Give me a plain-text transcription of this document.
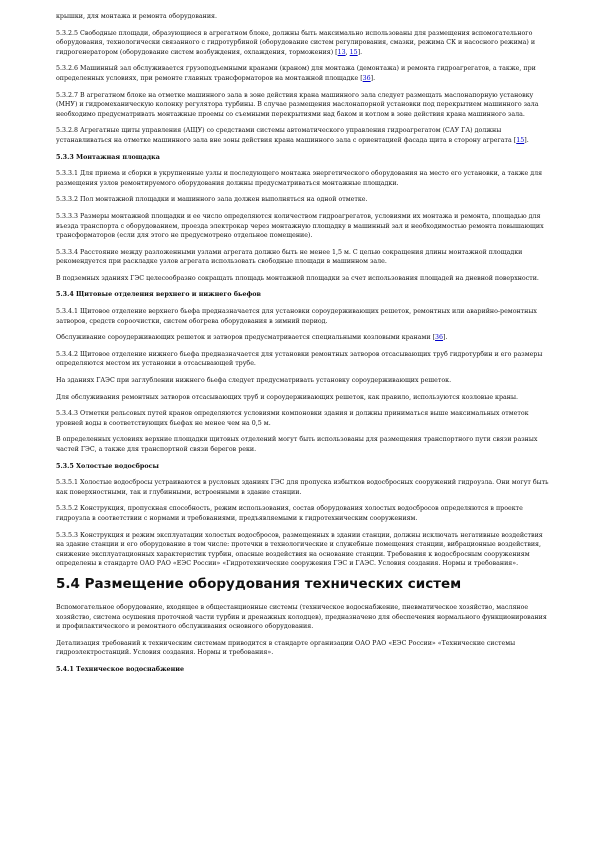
крышки, для монтажа и ремонта оборудования.

5.3.2.5 Свободные площади, образующиеся в агрегатном блоке, должны быть максимально использованы для размещения вспомогательного оборудования, технологически связанного с гидротурбиной (оборудование систем регулирования, смазки, режима СК и насосного режима) и гидрогенератором (оборудование систем возбуждения, охлаждения, торможения) [13, 15].

5.3.2.6 Машинный зал обслуживается грузоподъемными кранами (краном) для монтажа (демонтажа) и ремонта гидроагрегатов, а также, при определенных условиях, при ремонте главных трансформаторов на монтажной площадке [36].

5.3.2.7 В агрегатном блоке на отметке машинного зала в зоне действия крана машинного зала следует размещать маслонапорную установку (МНУ) и гидромеханическую колонку регулятора турбины. В случае размещения маслонапорной установки под перекрытием машинного зала необходимо предусматривать монтажные проемы со съемными перекрытиями над баком и котлом в зоне действия крана машинного зала.

5.3.2.8 Агрегатные щиты управления (АЩУ) со средствами системы автоматического управления гидроагрегатом (САУ ГА) должны устанавливаться на отметке машинного зала вне зоны действия крана машинного зала с ориентацией фасада щита в сторону агрегата [15].

5.3.3 Монтажная площадка

5.3.3.1 Для приема и сборки в укрупненные узлы и последующего монтажа энергетического оборудования на место его установки, а также для размещения узлов ремонтируемого оборудования должны предусматриваться монтажные площадки.

5.3.3.2 Пол монтажной площадки и машинного зала должен выполняться на одной отметке.

5.3.3.3 Размеры монтажной площадки и ее число определяются количеством гидроагрегатов, условиями их монтажа и ремонта, площадью для въезда транспорта с оборудованием, проезда электрокар через монтажную площадку в машинный зал и необходимостью ремонта повышающих трансформаторов (если для этого не предусмотрено отдельное помещение).

5.3.3.4 Расстояние между разложенными узлами агрегата должно быть не менее 1,5 м. С целью сокращения длины монтажной площадки рекомендуется при раскладке узлов агрегата использовать свободные площади в машинном зале.

В подземных зданиях ГЭС целесообразно сокращать площадь монтажной площадки за счет использования площадей на дневной поверхности.

5.3.4 Щитовые отделения верхнего и нижнего бьефов

5.3.4.1 Щитовое отделение верхнего бьефа предназначается для установки сороудерживающих решеток, ремонтных или аварийно-ремонтных затворов, средств сороочистки, систем обогрева оборудования в зимний период.

Обслуживание сороудерживающих решеток и затворов предусматривается специальными козловыми кранами [36].

5.3.4.2 Щитовое отделение нижнего бьефа предназначается для установки ремонтных затворов отсасывающих труб гидротурбин и его размеры определяются местом их установки в отсасывающей трубе.

На зданиях ГАЭС при заглублении нижнего бьефа следует предусматривать установку сороудерживающих решеток.

Для обслуживания ремонтных затворов отсасывающих труб и сороудерживающих решеток, как правило, используются козловые краны.

5.3.4.3 Отметки рельсовых путей кранов определяются условиями компоновки здания и должны приниматься выше максимальных отметок уровней воды в соответствующих бьефах не менее чем на 0,5 м.

В определенных условиях верхние площадки щитовых отделений могут быть использованы для размещения транспортного пути связи разных частей ГЭС, а также для транспортной связи берегов реки.

5.3.5 Холостые водосбросы

5.3.5.1 Холостые водосбросы устраиваются в русловых зданиях ГЭС для пропуска избытков водосбросных сооружений гидроузла. Они могут быть как поверхностными, так и глубинными, встроенными в здание станции.

5.3.5.2 Конструкция, пропускная способность, режим использования, состав оборудования холостых водосбросов определяются в проекте гидроузла в соответствии с нормами и требованиями, предъявляемыми к гидротехническим сооружениям.

5.3.5.3 Конструкция и режим эксплуатации холостых водосбросов, размещенных в здании станции, должны исключать негативные воздействия на здание станции и его оборудование в том числе: протечки в технологические и служебные помещения станции, вибрационные воздействия, снижение эксплуатационных характеристик турбин, опасные воздействия на основание станции. Требования к водосбросным сооружениям определены в стандарте ОАО РАО «ЕЭС России» «Гидротехнические сооружения ГЭС и ГАЭС. Условия создания. Нормы и требования».

5.4 Размещение оборудования технических систем

Вспомогательное оборудование, входящее в общестанционные системы (техническое водоснабжение, пневматическое хозяйство, масляное хозяйство, система осушения проточной части турбин и дренажных колодцев), предназначено для обеспечения нормального функционирования и профилактического и ремонтного обслуживания основного оборудования.

Детализация требований к техническим системам приводится в стандарте организации ОАО РАО «ЕЭС России» «Технические системы гидроэлектростанций. Условия создания. Нормы и требования».

5.4.1 Техническое водоснабжение
